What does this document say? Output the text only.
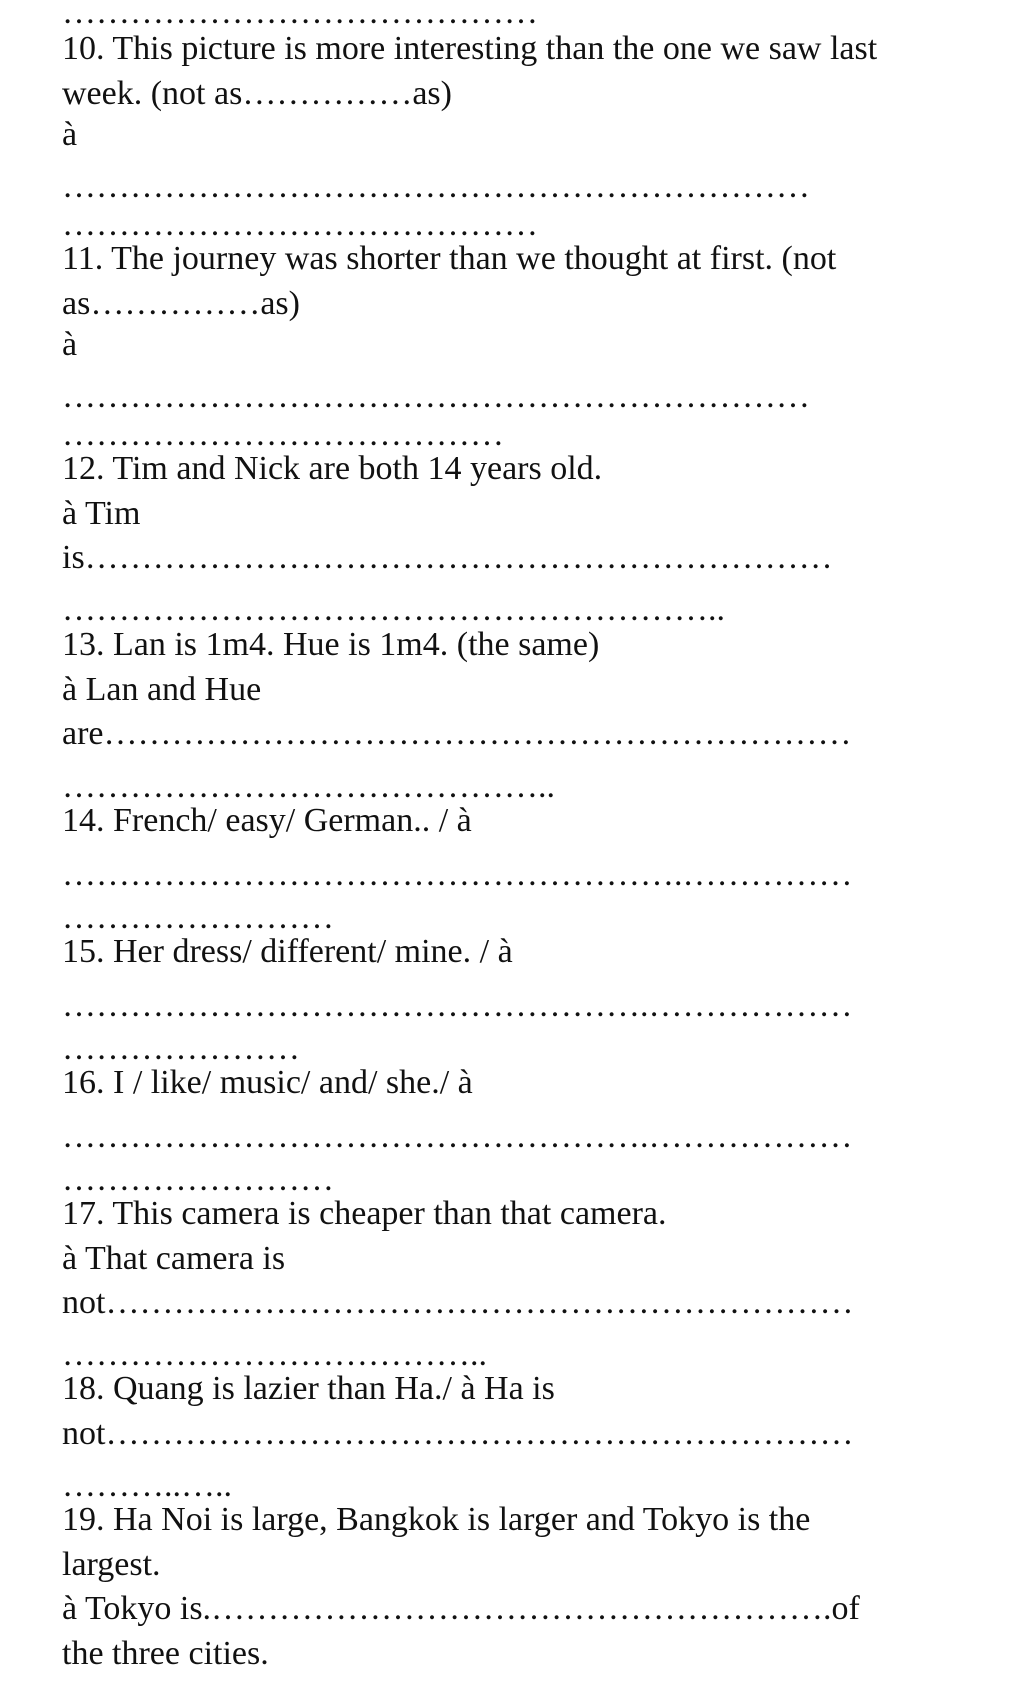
……………………………………
10. This picture is more interesting than the one we saw last
week. (not as……………as)
à
…………………………………………………………
……………………………………
11. The journey was shorter than we thought at first. (not
as……………as)
à
…………………………………………………………
…………………………………
12. Tim and Nick are both 14 years old.
à Tim
is…………………………………………………………
…………………………………………………..
13. Lan is 1m4. Hue is 1m4. (the same)
à Lan and Hue
are…………………………………………………………
……………………………………..
14. French/ easy/ German.. / à
……………………………………………….……………
……………………
15. Her dress/ different/ mine. / à
…………………………………………….………………
…………………
16. I / like/ music/ and/ she./ à
…………………………………………….………………
……………………
17. This camera is cheaper than that camera.
à That camera is
not…………………………………………………………
………………………………..
18. Quang is lazier than Ha./ à Ha is
not…………………………………………………………
………..…..
19. Ha Noi is large, Bangkok is larger and Tokyo is the
largest.
à Tokyo is.……………………………………………….of
the three cities.
